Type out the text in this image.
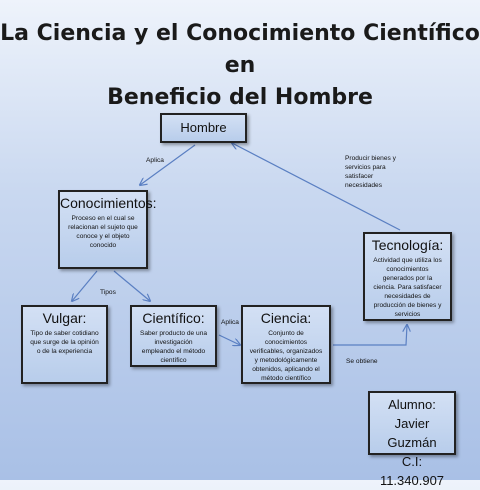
La Ciencia y el Conocimiento Científico en
Beneficio del Hombre
Aplica
Tipos
Aplica
Se obtiene
Producir bienes y servicios para satisfacer necesidades
Hombre
Conocimientos:
Proceso en el cual se relacionan el sujeto que conoce y el objeto conocido	Tecnología:
Actividad que utiliza los conocimientos generados por la ciencia. Para satisfacer necesidades de producción de bienes y servicios
Vulgar:
Tipo de saber cotidiano que surge de la opinión o de la experiencia
Científico:
Saber producto de una investigación empleando el método científico
Ciencia:
Conjunto de conocimientos verificables, organizados y metodológicamente obtenidos, aplicando el método científico
Alumno:
Javier Guzmán
C.I: 11.340.907
